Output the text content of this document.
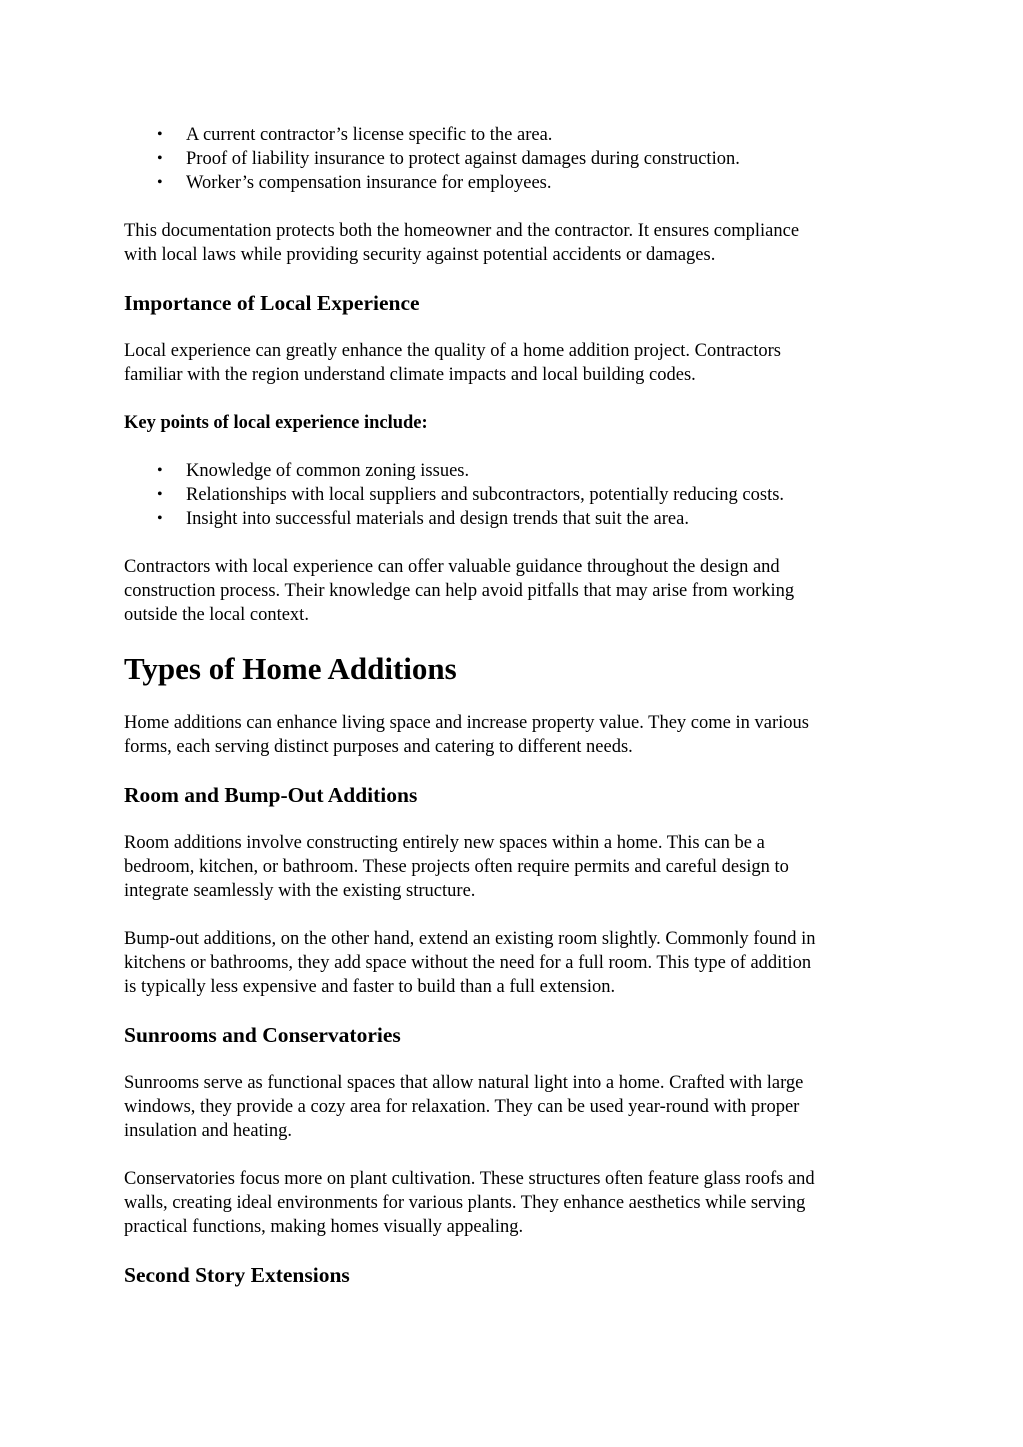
• A current contractor’s license specific to the area.
• Proof of liability insurance to protect against damages during construction.
• Worker’s compensation insurance for employees.

This documentation protects both the homeowner and the contractor. It ensures compliance
with local laws while providing security against potential accidents or damages.

Importance of Local Experience

Local experience can greatly enhance the quality of a home addition project. Contractors
familiar with the region understand climate impacts and local building codes.

Key points of local experience include:
• Knowledge of common zoning issues.
• Relationships with local suppliers and subcontractors, potentially reducing costs.
• Insight into successful materials and design trends that suit the area.

Contractors with local experience can offer valuable guidance throughout the design and
construction process. Their knowledge can help avoid pitfalls that may arise from working
outside the local context.

Types of Home Additions

Home additions can enhance living space and increase property value. They come in various
forms, each serving distinct purposes and catering to different needs.

Room and Bump-Out Additions

Room additions involve constructing entirely new spaces within a home. This can be a
bedroom, kitchen, or bathroom. These projects often require permits and careful design to
integrate seamlessly with the existing structure.

Bump-out additions, on the other hand, extend an existing room slightly. Commonly found in
kitchens or bathrooms, they add space without the need for a full room. This type of addition
is typically less expensive and faster to build than a full extension.

Sunrooms and Conservatories

Sunrooms serve as functional spaces that allow natural light into a home. Crafted with large
windows, they provide a cozy area for relaxation. They can be used year-round with proper
insulation and heating.

Conservatories focus more on plant cultivation. These structures often feature glass roofs and
walls, creating ideal environments for various plants. They enhance aesthetics while serving
practical functions, making homes visually appealing.

Second Story Extensions
